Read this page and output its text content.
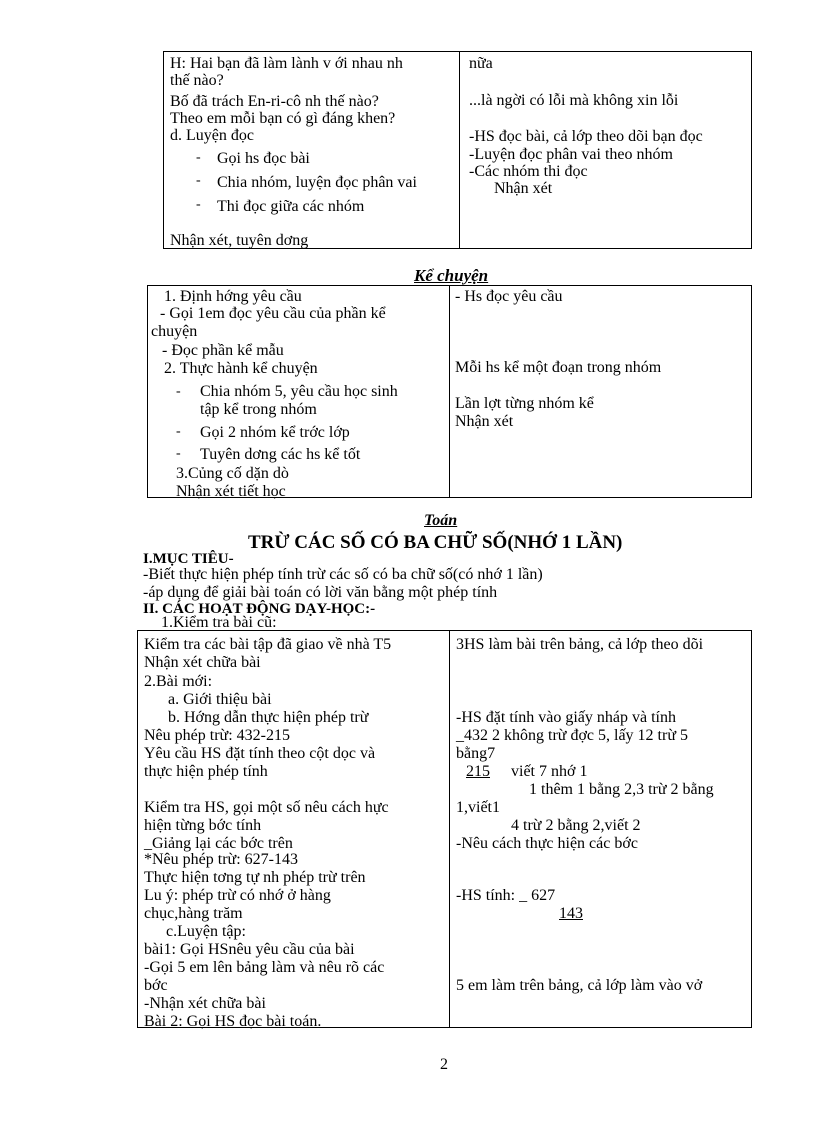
H: Hai bạn đã làm lành v ới nhau nh
thế nào?
Bố đã trách En-ri-cô nh thế nào?
Theo em mỗi bạn có gì đáng khen?
d. Luyện đọc
- Gọi hs đọc bài
- Chia nhóm, luyện đọc phân vai
- Thi đọc giữa các nhóm
Nhận xét, tuyên dơng
nữa
...là ngời có lỗi mà không xin lỗi
-HS đọc bài, cả lớp theo dõi bạn đọc
-Luyện đọc phân vai theo nhóm
-Các nhóm thi đọc
Nhận xét
Kể chuyện
1. Định hớng yêu cầu
- Gọi 1em đọc yêu cầu của phần kể
chuyện
- Đọc phần kể mẫu
2. Thực hành kể chuyện
- Chia nhóm 5, yêu cầu học sinh
tập kể trong nhóm
- Gọi 2 nhóm kể trớc lớp
- Tuyên dơng các hs kể tốt
3.Củng cố dặn dò
Nhận xét tiết học
- Hs đọc yêu cầu
Mỗi hs kể một đoạn trong nhóm
Lần lợt từng nhóm kể
Nhận xét
Toán
TRỪ CÁC SỐ CÓ BA CHỮ SỐ(NHỚ 1 LẦN)
I.MỤC TIÊU-
-Biết thực hiện phép tính trừ các số có ba chữ số(có nhớ 1 lần)
-áp dụng để giải bài toán có lời văn bằng một phép tính
II. CÁC HOẠT ĐỘNG DẠY-HỌC:-
1.Kiểm tra bài cũ:
Kiểm tra các bài tập đã giao về nhà T5
Nhận xét chữa bài
2.Bài mới:
a. Giới thiệu bài
b. Hớng dẫn thực hiện phép trừ
Nêu phép trừ: 432-215
Yêu cầu HS đặt tính theo cột dọc và
thực hiện phép tính
Kiểm tra HS, gọi một số nêu cách hực
hiện từng bớc tính
_Giảng lại các bớc trên
*Nêu phép trừ: 627-143
Thực hiện tơng tự nh phép trừ trên
Lu ý: phép trừ có nhớ ở hàng
chục,hàng trăm
c.Luyện tập:
bài1: Gọi HSnêu yêu cầu của bài
-Gọi 5 em lên bảng làm và nêu rõ các
bớc
-Nhận xét chữa bài
Bài 2: Gọi HS đọc bài toán.
3HS làm bài trên bảng, cả lớp theo dõi
-HS đặt tính vào giấy nháp và tính
_432 2 không trừ đợc 5, lấy 12 trừ 5
bằng7
215 viết 7 nhớ 1
1 thêm 1 bằng 2,3 trừ 2 bằng
1,viết1
4 trừ 2 bằng 2,viết 2
-Nêu cách thực hiện các bớc
-HS tính: _ 627
143
5 em làm trên bảng, cả lớp làm vào vở
2
